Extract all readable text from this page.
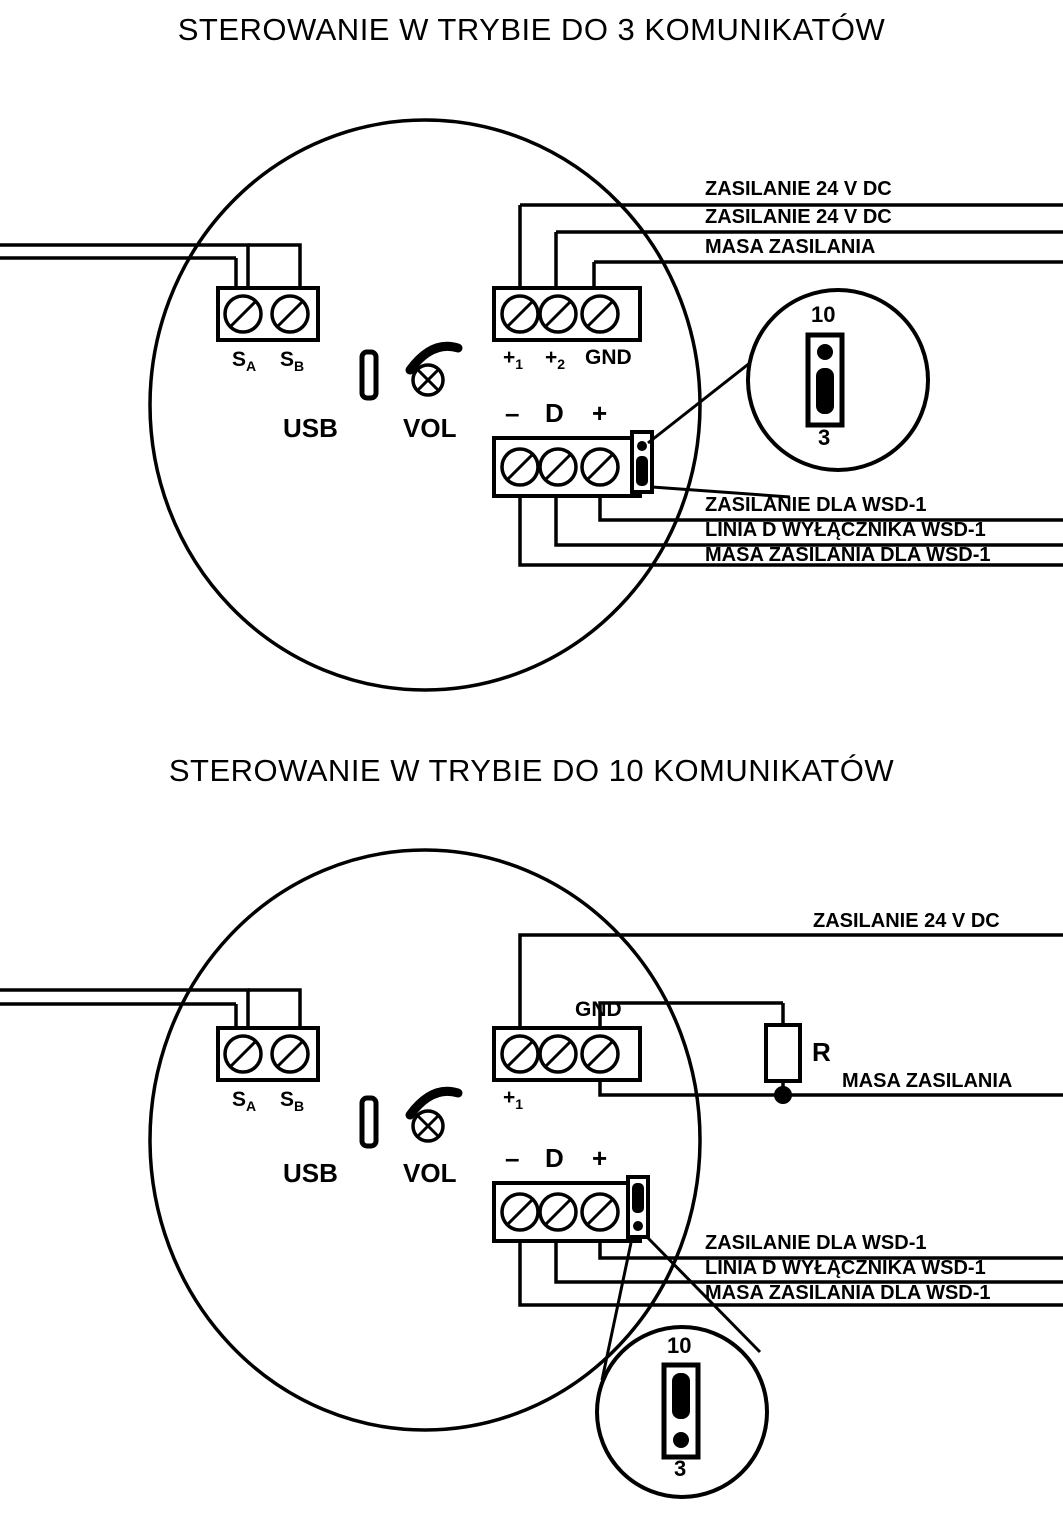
STEROWANIE W TRYBIE DO 3 KOMUNIKATÓW
$S_A$ $S_B$
USB	VOL
$+_1 +_2$ GND
– D +
ZASILANIE 24 V DC
ZASILANIE 24 V DC
MASA ZASILANIA
ZASILANIE DLA WSD-1
LINIA D WYŁĄCZNIKA WSD-1
MASA ZASILANIA DLA WSD-1
10
3
STEROWANIE W TRYBIE DO 10 KOMUNIKATÓW
$S_A$ $S_B$
USB	VOL
$+_1$
GND
– D +
R
ZASILANIE 24 V DC
MASA ZASILANIA
ZASILANIE DLA WSD-1
LINIA D WYŁĄCZNIKA WSD-1
MASA ZASILANIA DLA WSD-1
10
3
